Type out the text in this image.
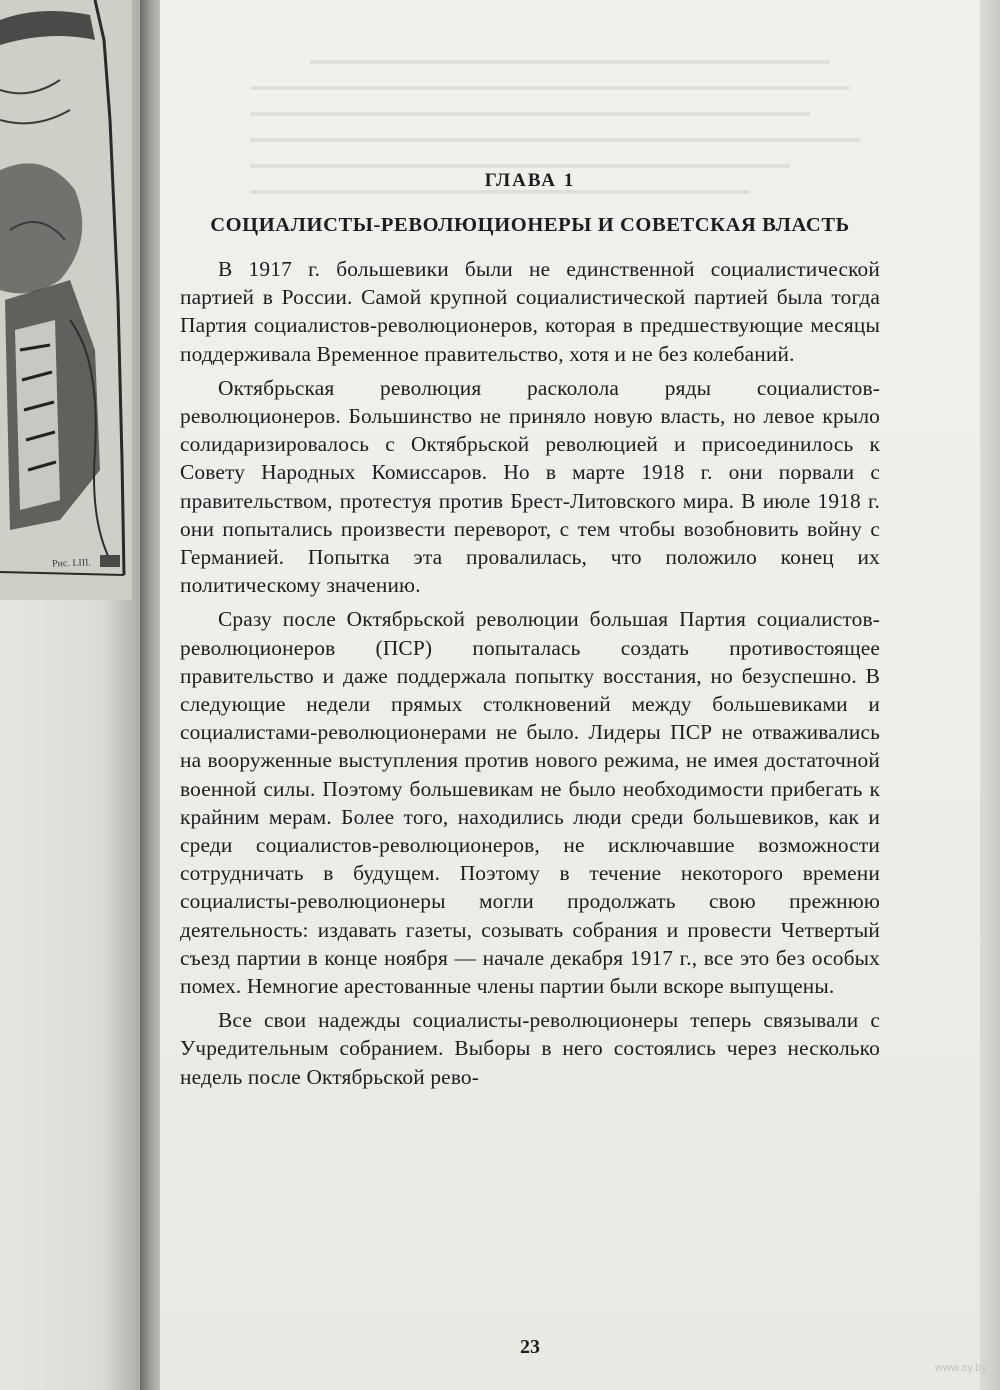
Рис. LIII.
ГЛАВА 1
СОЦИАЛИСТЫ-РЕВОЛЮЦИОНЕРЫ И СОВЕТСКАЯ ВЛАСТЬ

В 1917 г. большевики были не единственной социалистической партией в России. Самой крупной социалистической партией была тогда Партия социалистов-революционеров, которая в предшествующие месяцы поддерживала Временное правительство, хотя и не без колебаний.

Октябрьская революция расколола ряды социалистов-революционеров. Большинство не приняло новую власть, но левое крыло солидаризировалось с Октябрьской революцией и присоединилось к Совету Народных Комиссаров. Но в марте 1918 г. они порвали с правительством, протестуя против Брест-Литовского мира. В июле 1918 г. они попытались произвести переворот, с тем чтобы возобновить войну с Германией. Попытка эта провалилась, что положило конец их политическому значению.

Сразу после Октябрьской революции большая Партия социалистов-революционеров (ПСР) попыталась создать противостоящее правительство и даже поддержала попытку восстания, но безуспешно. В следующие недели прямых столкновений между большевиками и социалистами-революционерами не было. Лидеры ПСР не отваживались на вооруженные выступления против нового режима, не имея достаточной военной силы. Поэтому большевикам не было необходимости прибегать к крайним мерам. Более того, находились люди среди большевиков, как и среди социалистов-революционеров, не исключавшие возможности сотрудничать в будущем. Поэтому в течение некоторого времени социалисты-революционеры могли продолжать свою прежнюю деятельность: издавать газеты, созывать собрания и провести Четвертый съезд партии в конце ноября — начале декабря 1917 г., все это без особых помех. Немногие арестованные члены партии были вскоре выпущены.

Все свои надежды социалисты-революционеры теперь связывали с Учредительным собранием. Выборы в него состоялись через несколько недель после Октябрьской рево-

23
www.ay.by
